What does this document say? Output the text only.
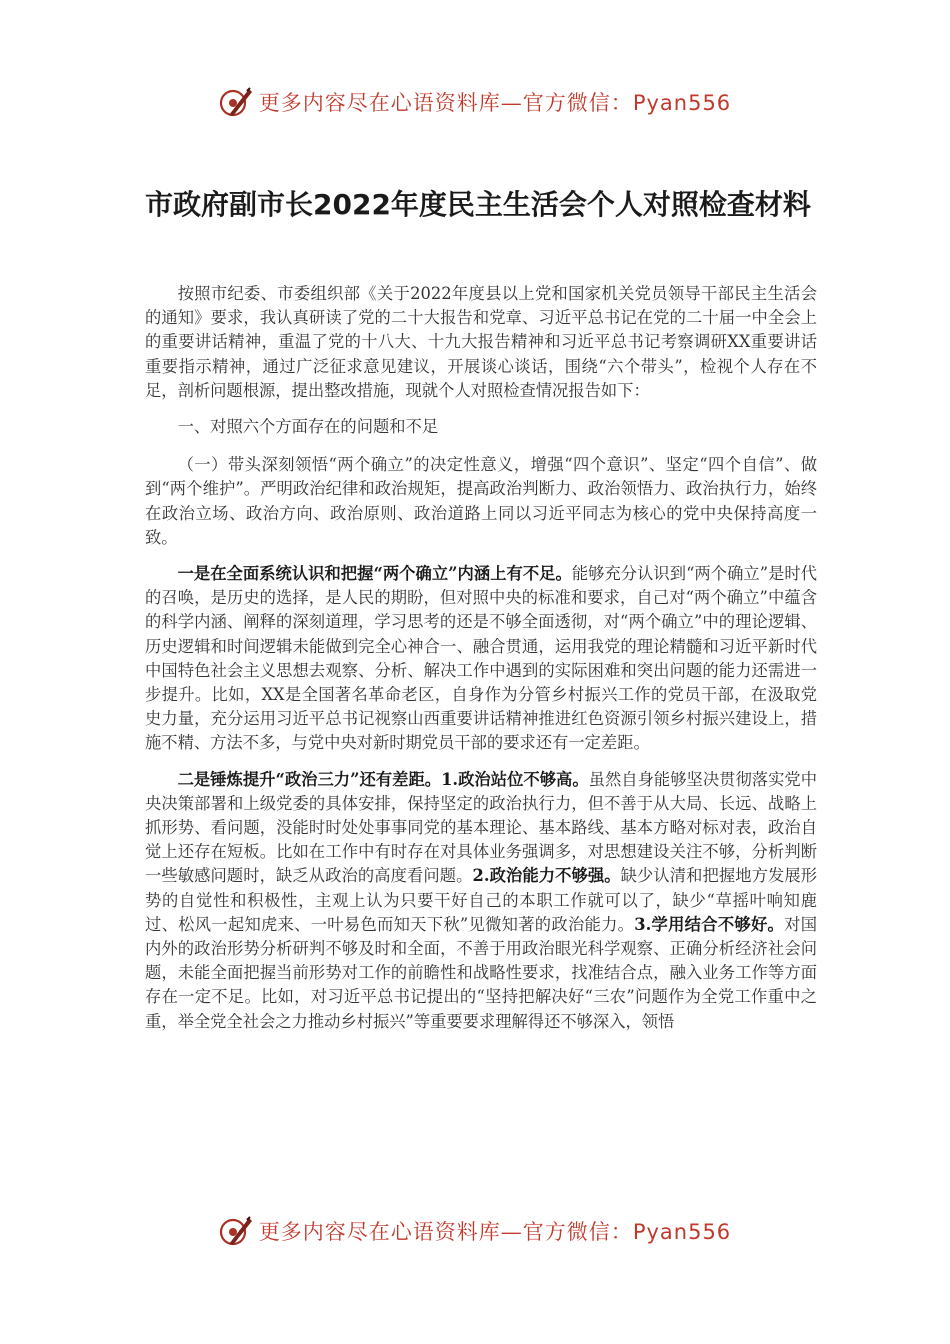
更多内容尽在心语资料库—官方微信：Pyan556
市政府副市长2022年度民主生活会个人对照检查材料

按照市纪委、市委组织部《关于2022年度县以上党和国家机关党员领导干部民主生活会的通知》要求，我认真研读了党的二十大报告和党章、习近平总书记在党的二十届一中全会上的重要讲话精神，重温了党的十八大、十九大报告精神和习近平总书记考察调研XX重要讲话重要指示精神，通过广泛征求意见建议，开展谈心谈话，围绕“六个带头”，检视个人存在不足，剖析问题根源，提出整改措施，现就个人对照检查情况报告如下：

一、对照六个方面存在的问题和不足

（一）带头深刻领悟“两个确立”的决定性意义，增强“四个意识”、坚定“四个自信”、做到“两个维护”。严明政治纪律和政治规矩，提高政治判断力、政治领悟力、政治执行力，始终在政治立场、政治方向、政治原则、政治道路上同以习近平同志为核心的党中央保持高度一致。

一是在全面系统认识和把握“两个确立”内涵上有不足。能够充分认识到“两个确立”是时代的召唤，是历史的选择，是人民的期盼，但对照中央的标准和要求，自己对“两个确立”中蕴含的科学内涵、阐释的深刻道理，学习思考的还是不够全面透彻，对“两个确立”中的理论逻辑、历史逻辑和时间逻辑未能做到完全心神合一、融合贯通，运用我党的理论精髓和习近平新时代中国特色社会主义思想去观察、分析、解决工作中遇到的实际困难和突出问题的能力还需进一步提升。比如，XX是全国著名革命老区，自身作为分管乡村振兴工作的党员干部，在汲取党史力量，充分运用习近平总书记视察山西重要讲话精神推进红色资源引领乡村振兴建设上，措施不精、方法不多，与党中央对新时期党员干部的要求还有一定差距。

二是锤炼提升“政治三力”还有差距。1.政治站位不够高。虽然自身能够坚决贯彻落实党中央决策部署和上级党委的具体安排，保持坚定的政治执行力，但不善于从大局、长远、战略上抓形势、看问题，没能时时处处事事同党的基本理论、基本路线、基本方略对标对表，政治自觉上还存在短板。比如在工作中有时存在对具体业务强调多，对思想建设关注不够，分析判断一些敏感问题时，缺乏从政治的高度看问题。2.政治能力不够强。缺少认清和把握地方发展形势的自觉性和积极性，主观上认为只要干好自己的本职工作就可以了，缺少“草摇叶响知鹿过、松风一起知虎来、一叶易色而知天下秋”见微知著的政治能力。3.学用结合不够好。对国内外的政治形势分析研判不够及时和全面，不善于用政治眼光科学观察、正确分析经济社会问题，未能全面把握当前形势对工作的前瞻性和战略性要求，找准结合点，融入业务工作等方面存在一定不足。比如，对习近平总书记提出的“坚持把解决好“三农”问题作为全党工作重中之重，举全党全社会之力推动乡村振兴”等重要要求理解得还不够深入，领悟

更多内容尽在心语资料库—官方微信：Pyan556
